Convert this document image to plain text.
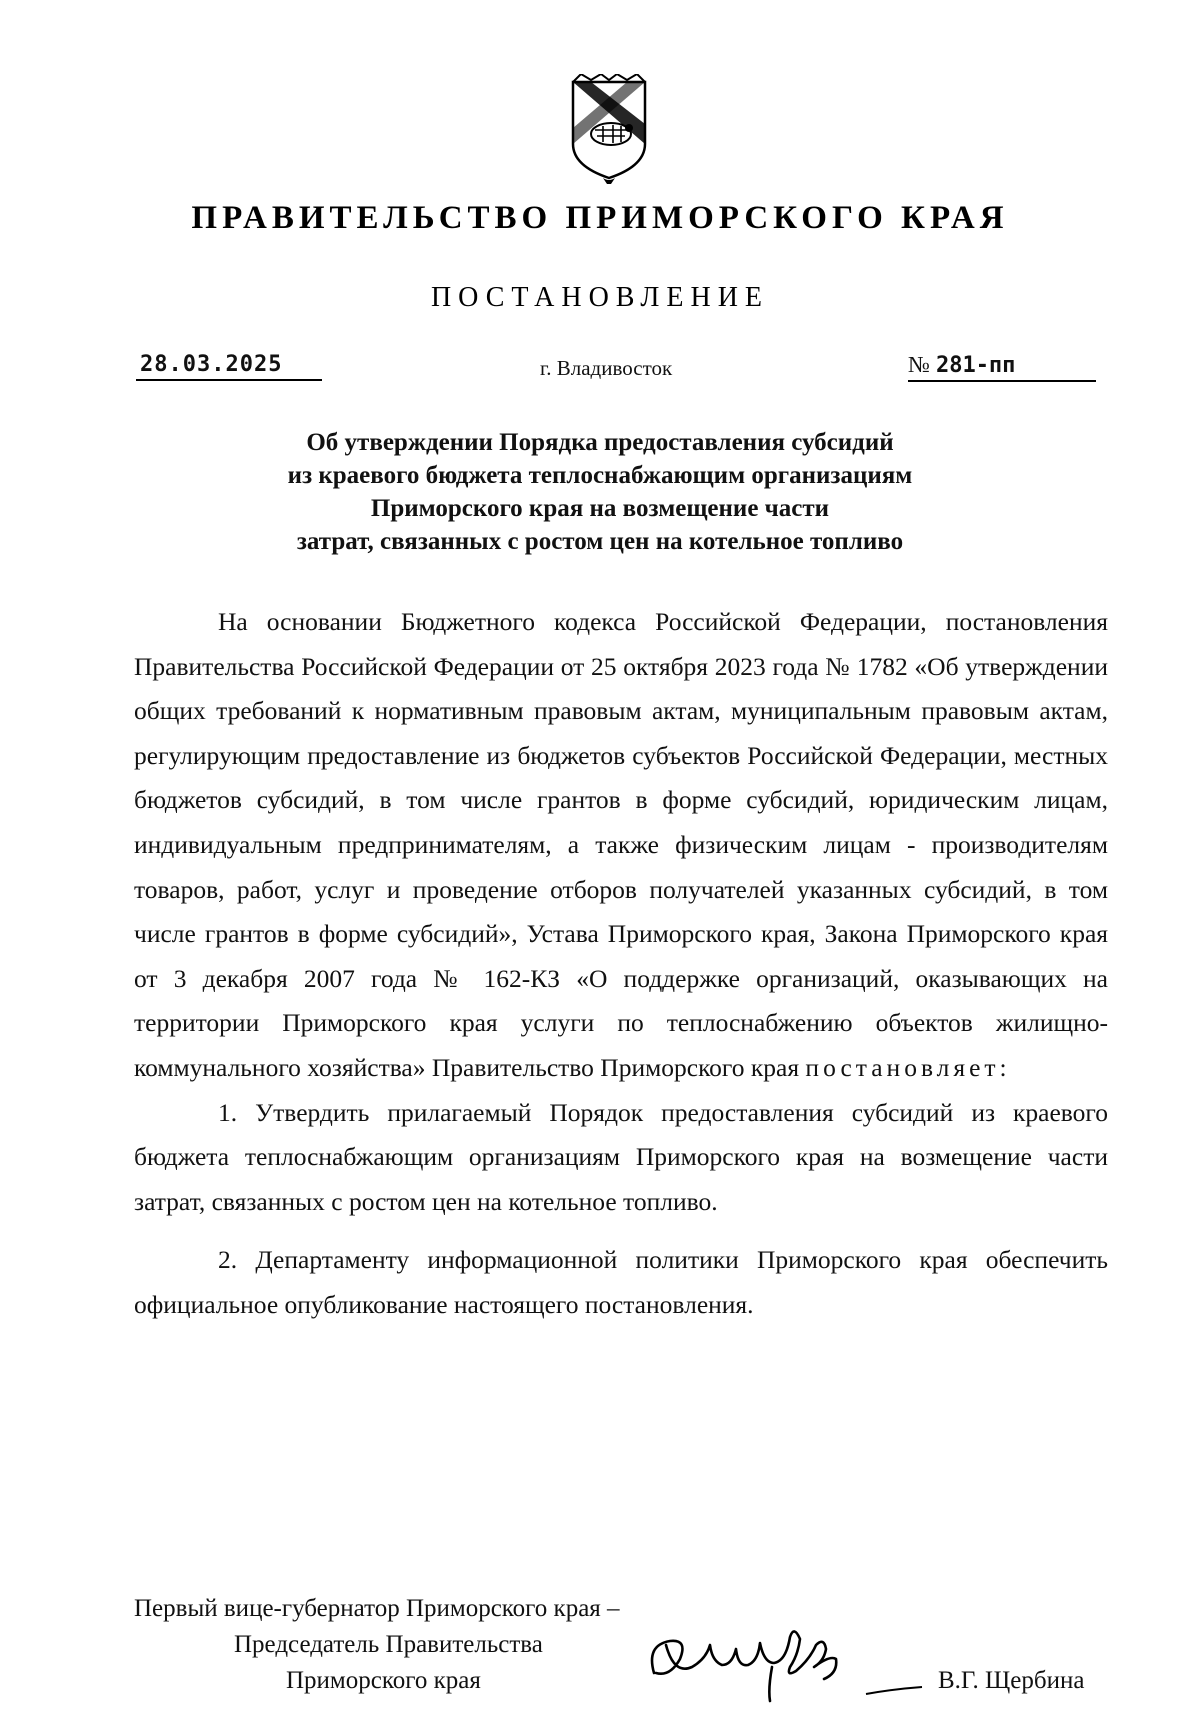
ПРАВИТЕЛЬСТВО ПРИМОРСКОГО КРАЯ
ПОСТАНОВЛЕНИЕ
28.03.2025	г. Владивосток	№ 281-пп
Об утверждении Порядка предоставления субсидий
из краевого бюджета теплоснабжающим организациям
Приморского края на возмещение части
затрат, связанных с ростом цен на котельное топливо

На основании Бюджетного кодекса Российской Федерации, постановления Правительства Российской Федерации от 25 октября 2023 года № 1782 «Об утверждении общих требований к нормативным правовым актам, муниципальным правовым актам, регулирующим предоставление из бюджетов субъектов Российской Федерации, местных бюджетов субсидий, в том числе грантов в форме субсидий, юридическим лицам, индивидуальным предпринимателям, а также физическим лицам - производителям товаров, работ, услуг и проведение отборов получателей указанных субсидий, в том числе грантов в форме субсидий», Устава Приморского края, Закона Приморского края от 3 декабря 2007 года № 162-КЗ «О поддержке организаций, оказывающих на территории Приморского края услуги по теплоснабжению объектов жилищно-коммунального хозяйства» Правительство Приморского края постановляет:

1. Утвердить прилагаемый Порядок предоставления субсидий из краевого бюджета теплоснабжающим организациям Приморского края на возмещение части затрат, связанных с ростом цен на котельное топливо.

2. Департаменту информационной политики Приморского края обеспечить официальное опубликование настоящего постановления.

Первый вице-губернатор Приморского края –
Председатель Правительства
Приморского края	В.Г. Щербина
